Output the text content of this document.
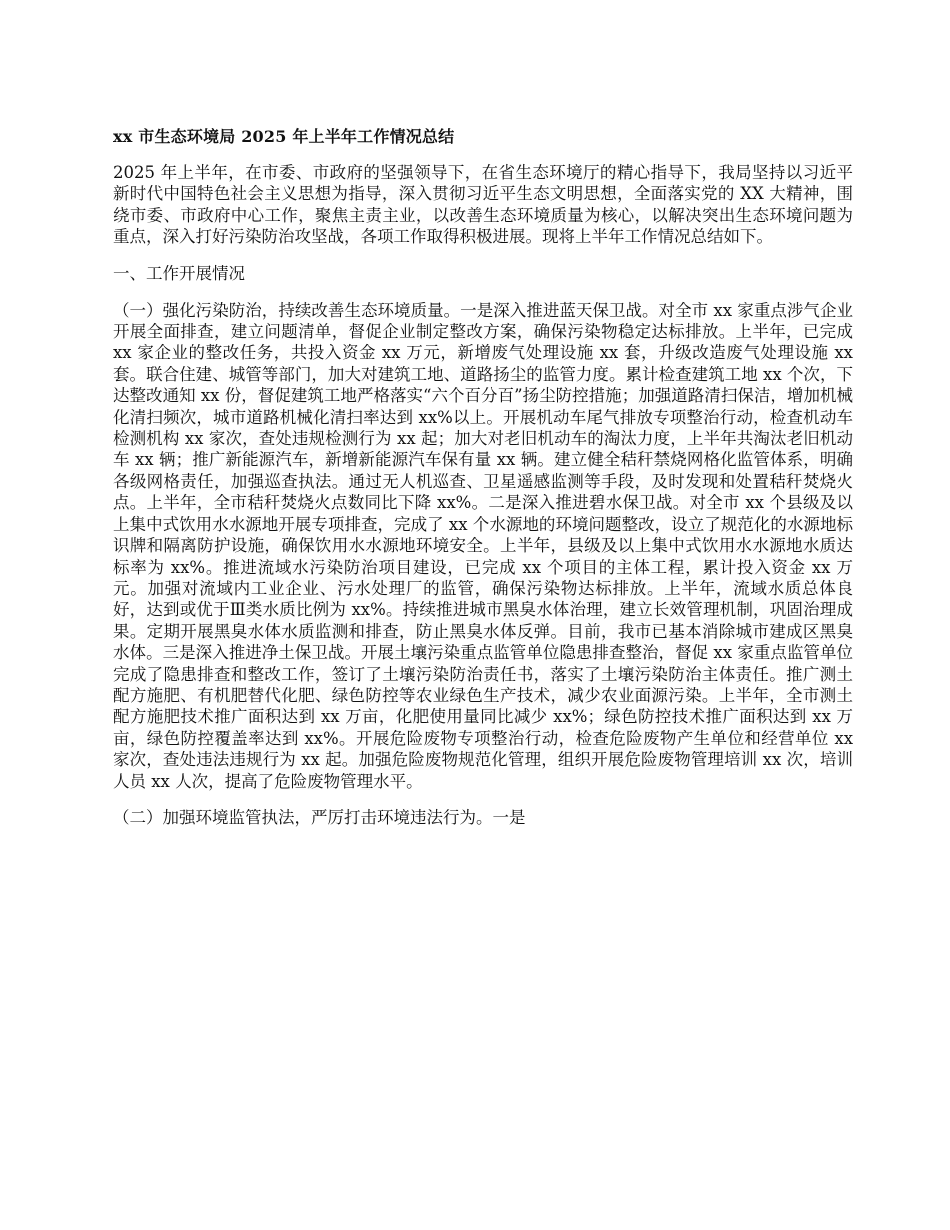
xx 市生态环境局 2025 年上半年工作情况总结

2025 年上半年，在市委、市政府的坚强领导下，在省生态环境厅的精心指导下，我局坚持以习近平新时代中国特色社会主义思想为指导，深入贯彻习近平生态文明思想，全面落实党的 XX 大精神，围绕市委、市政府中心工作，聚焦主责主业，以改善生态环境质量为核心，以解决突出生态环境问题为重点，深入打好污染防治攻坚战，各项工作取得积极进展。现将上半年工作情况总结如下。

一、工作开展情况

（一）强化污染防治，持续改善生态环境质量。一是深入推进蓝天保卫战。对全市 xx 家重点涉气企业开展全面排查，建立问题清单，督促企业制定整改方案，确保污染物稳定达标排放。上半年，已完成 xx 家企业的整改任务，共投入资金 xx 万元，新增废气处理设施 xx 套，升级改造废气处理设施 xx 套。联合住建、城管等部门，加大对建筑工地、道路扬尘的监管力度。累计检查建筑工地 xx 个次，下达整改通知 xx 份，督促建筑工地严格落实“六个百分百”扬尘防控措施；加强道路清扫保洁，增加机械化清扫频次，城市道路机械化清扫率达到 xx%以上。开展机动车尾气排放专项整治行动，检查机动车检测机构 xx 家次，查处违规检测行为 xx 起；加大对老旧机动车的淘汰力度，上半年共淘汰老旧机动车 xx 辆；推广新能源汽车，新增新能源汽车保有量 xx 辆。建立健全秸秆禁烧网格化监管体系，明确各级网格责任，加强巡查执法。通过无人机巡查、卫星遥感监测等手段，及时发现和处置秸秆焚烧火点。上半年，全市秸秆焚烧火点数同比下降 xx%。二是深入推进碧水保卫战。对全市 xx 个县级及以上集中式饮用水水源地开展专项排查，完成了 xx 个水源地的环境问题整改，设立了规范化的水源地标识牌和隔离防护设施，确保饮用水水源地环境安全。上半年，县级及以上集中式饮用水水源地水质达标率为 xx%。推进流域水污染防治项目建设，已完成 xx 个项目的主体工程，累计投入资金 xx 万元。加强对流域内工业企业、污水处理厂的监管，确保污染物达标排放。上半年，流域水质总体良好，达到或优于Ⅲ类水质比例为 xx%。持续推进城市黑臭水体治理，建立长效管理机制，巩固治理成果。定期开展黑臭水体水质监测和排查，防止黑臭水体反弹。目前，我市已基本消除城市建成区黑臭水体。三是深入推进净土保卫战。开展土壤污染重点监管单位隐患排查整治，督促 xx 家重点监管单位完成了隐患排查和整改工作，签订了土壤污染防治责任书，落实了土壤污染防治主体责任。推广测土配方施肥、有机肥替代化肥、绿色防控等农业绿色生产技术，减少农业面源污染。上半年，全市测土配方施肥技术推广面积达到 xx 万亩，化肥使用量同比减少 xx%；绿色防控技术推广面积达到 xx 万亩，绿色防控覆盖率达到 xx%。开展危险废物专项整治行动，检查危险废物产生单位和经营单位 xx 家次，查处违法违规行为 xx 起。加强危险废物规范化管理，组织开展危险废物管理培训 xx 次，培训人员 xx 人次，提高了危险废物管理水平。

（二）加强环境监管执法，严厉打击环境违法行为。一是
